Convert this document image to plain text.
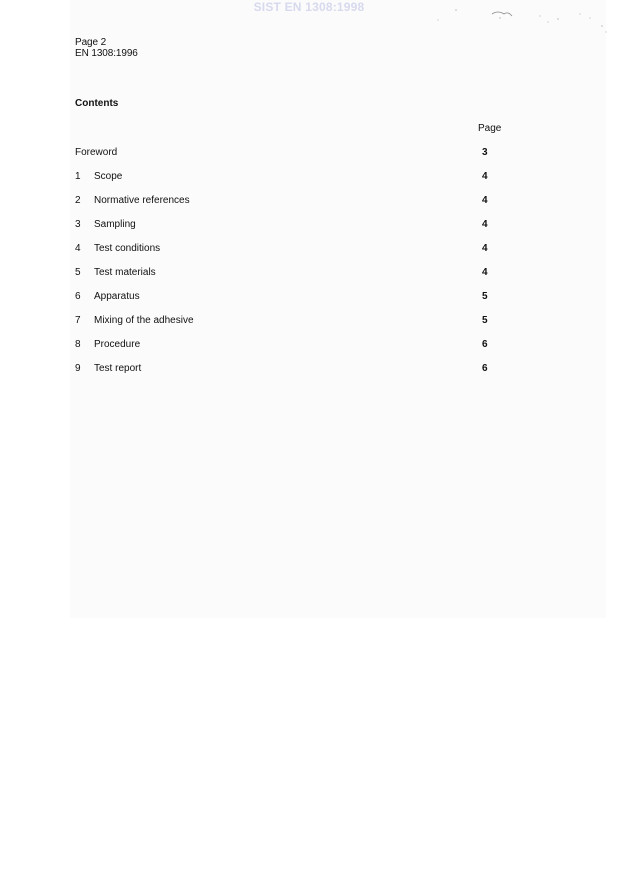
SIST EN 1308:1998
Page 2
EN 1308:1996
Contents
Page
Foreword	3
1 Scope	4
2 Normative references	4
3 Sampling	4
4 Test conditions	4
5 Test materials	4
6 Apparatus	5
7 Mixing of the adhesive	5
8 Procedure	6
9 Test report	6
